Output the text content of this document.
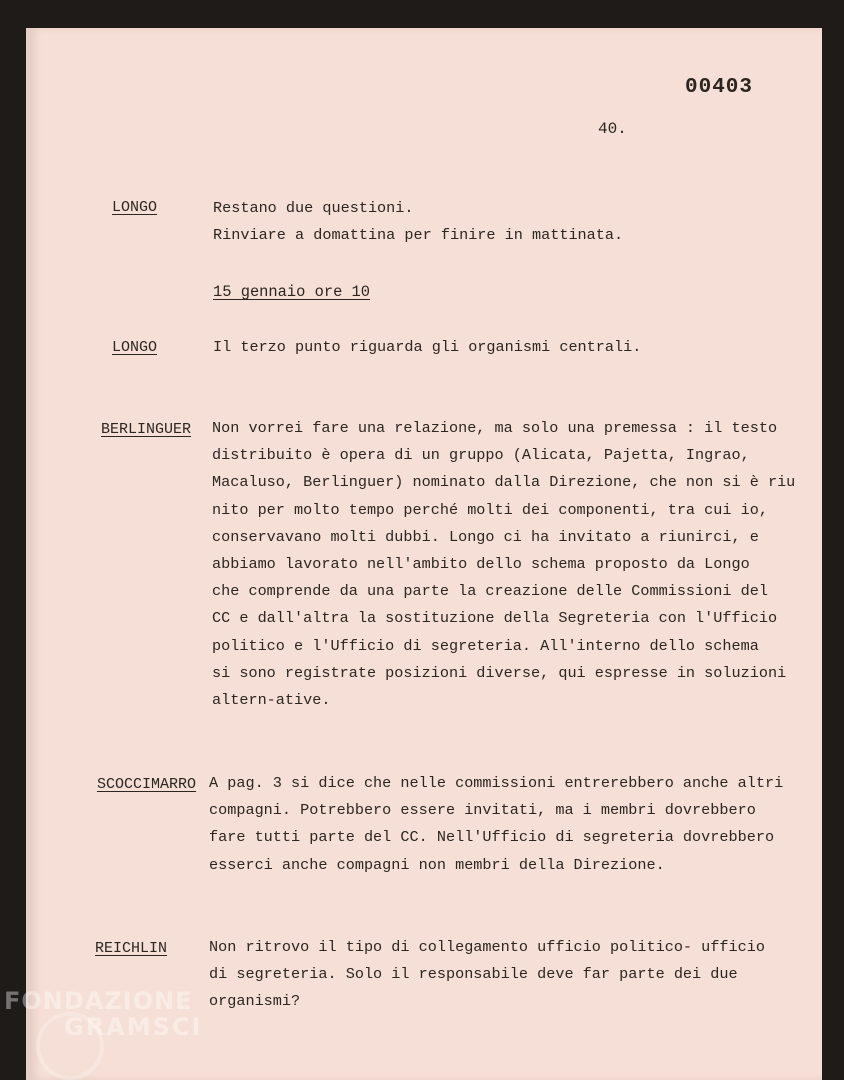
00403
40.
LONGO	Restano due questioni.
Rinviare a domattina per finire in mattinata.
15 gennaio ore 10
LONGO	Il terzo punto riguarda gli organismi centrali.
BERLINGUER Non vorrei fare una relazione, ma solo una premessa : il testo
distribuito è opera di un gruppo (Alicata, Pajetta, Ingrao,
Macaluso, Berlinguer) nominato dalla Direzione, che non si è riu
nito per molto tempo perché molti dei componenti, tra cui io,
conservavano molti dubbi. Longo ci ha invitato a riunirci, e
abbiamo lavorato nell'ambito dello schema proposto da Longo
che comprende da una parte la creazione delle Commissioni del
CC e dall'altra la sostituzione della Segreteria con l'Ufficio
politico e l'Ufficio di segreteria. All'interno dello schema
si sono registrate posizioni diverse, qui espresse in soluzioni
altern-ative.
SCOCCIMARRO A pag. 3 si dice che nelle commissioni entrerebbero anche altri
compagni. Potrebbero essere invitati, ma i membri dovrebbero
fare tutti parte del CC. Nell'Ufficio di segreteria dovrebbero
esserci anche compagni non membri della Direzione.
REICHLIN	Non ritrovo il tipo di collegamento ufficio politico- ufficio
di segreteria. Solo il responsabile deve far parte dei due
organismi?
FONDAZIONE
GRAMSCI
